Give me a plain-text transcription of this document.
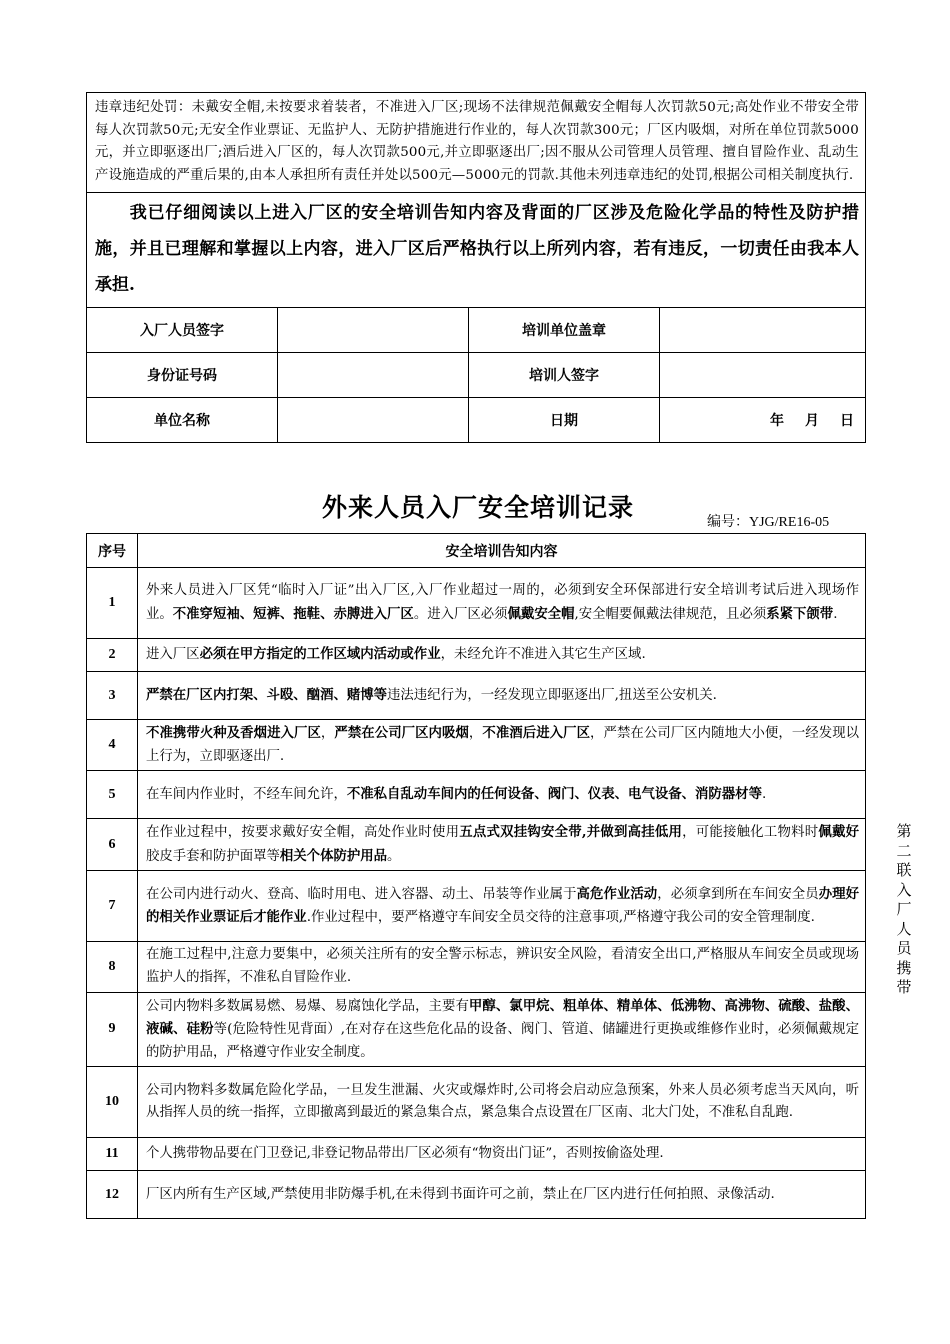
违章违纪处罚：未戴安全帽,未按要求着装者，不准进入厂区;现场不法律规范佩戴安全帽每人次罚款50元;高处作业不带安全带每人次罚款50元;无安全作业票证、无监护人、无防护措施进行作业的，每人次罚款300元；厂区内吸烟，对所在单位罚款5000元，并立即驱逐出厂;酒后进入厂区的，每人次罚款500元,并立即驱逐出厂;因不服从公司管理人员管理、擅自冒险作业、乱动生产设施造成的严重后果的,由本人承担所有责任并处以500元—5000元的罚款.其他未列违章违纪的处罚,根据公司相关制度执行.			
我已仔细阅读以上进入厂区的安全培训告知内容及背面的厂区涉及危险化学品的特性及防护措施，并且已理解和掌握以上内容，进入厂区后严格执行以上所列内容，若有违反，一切责任由我本人承担.			
入厂人员签字		培训单位盖章	
身份证号码		培训人签字	
单位名称		日期	年 月 日
外来人员入厂安全培训记录
编号：YJG/RE16-05
序号	安全培训告知内容
1	外来人员进入厂区凭“临时入厂证”出入厂区,入厂作业超过一周的，必须到安全环保部进行安全培训考试后进入现场作业。不准穿短袖、短裤、拖鞋、赤膊进入厂区。进入厂区必须佩戴安全帽,安全帽要佩戴法律规范，且必须系紧下颌带.
2	进入厂区必须在甲方指定的工作区域内活动或作业，未经允许不准进入其它生产区域.
3	严禁在厂区内打架、斗殴、酗酒、赌博等违法违纪行为，一经发现立即驱逐出厂,扭送至公安机关.
4	不准携带火种及香烟进入厂区，严禁在公司厂区内吸烟，不准酒后进入厂区，严禁在公司厂区内随地大小便，一经发现以上行为，立即驱逐出厂.
5	在车间内作业时，不经车间允许，不准私自乱动车间内的任何设备、阀门、仪表、电气设备、消防器材等.
6	在作业过程中，按要求戴好安全帽，高处作业时使用五点式双挂钩安全带,并做到高挂低用，可能接触化工物料时佩戴好胶皮手套和防护面罩等相关个体防护用品。
7	在公司内进行动火、登高、临时用电、进入容器、动土、吊装等作业属于高危作业活动，必须拿到所在车间安全员办理好的相关作业票证后才能作业.作业过程中，要严格遵守车间安全员交待的注意事项,严格遵守我公司的安全管理制度.
8	在施工过程中,注意力要集中，必须关注所有的安全警示标志，辨识安全风险，看清安全出口,严格服从车间安全员或现场监护人的指挥，不准私自冒险作业.
9	公司内物料多数属易燃、易爆、易腐蚀化学品，主要有甲醇、氯甲烷、粗单体、精单体、低沸物、高沸物、硫酸、盐酸、液碱、硅粉等(危险特性见背面）,在对存在这些危化品的设备、阀门、管道、储罐进行更换或维修作业时，必须佩戴规定的防护用品，严格遵守作业安全制度。
10	公司内物料多数属危险化学品，一旦发生泄漏、火灾或爆炸时,公司将会启动应急预案，外来人员必须考虑当天风向，听从指挥人员的统一指挥，立即撤离到最近的紧急集合点，紧急集合点设置在厂区南、北大门处，不准私自乱跑.
11	个人携带物品要在门卫登记,非登记物品带出厂区必须有“物资出门证”，否则按偷盗处理.
12	厂区内所有生产区域,严禁使用非防爆手机,在未得到书面许可之前，禁止在厂区内进行任何拍照、录像活动.
第二联入厂人员携带
